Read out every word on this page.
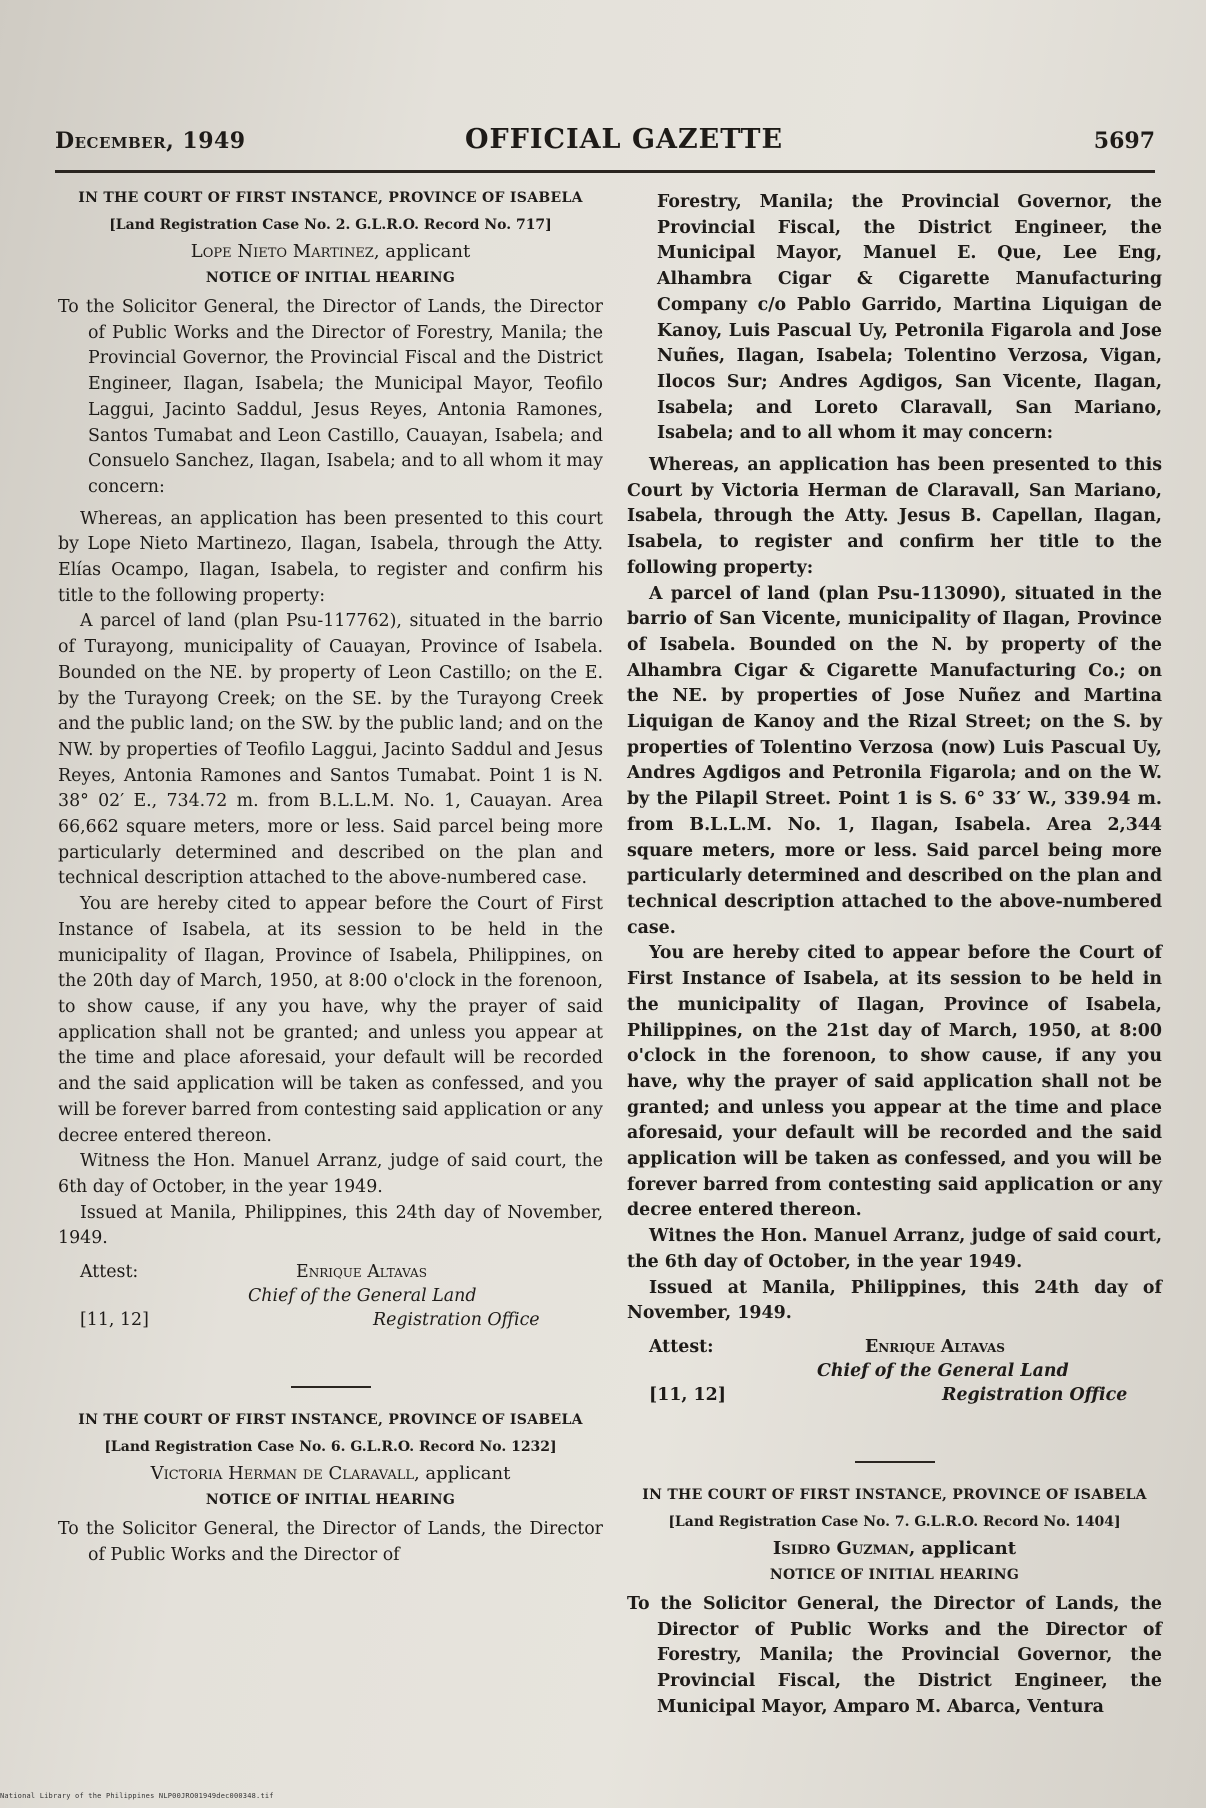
December, 1949	OFFICIAL GAZETTE	5697
IN THE COURT OF FIRST INSTANCE, PROVINCE OF ISABELA
[Land Registration Case No. 2. G.L.R.O. Record No. 717]
Lope Nieto Martinez, applicant
NOTICE OF INITIAL HEARING

To the Solicitor General, the Director of Lands, the Director of Public Works and the Director of Forestry, Manila; the Provincial Governor, the Provincial Fiscal and the District Engineer, Ilagan, Isabela; the Municipal Mayor, Teofilo Laggui, Jacinto Saddul, Jesus Reyes, Antonia Ramones, Santos Tumabat and Leon Castillo, Cauayan, Isabela; and Consuelo Sanchez, Ilagan, Isabela; and to all whom it may concern:

Whereas, an application has been presented to this court by Lope Nieto Martinezo, Ilagan, Isabela, through the Atty. Elías Ocampo, Ilagan, Isabela, to register and confirm his title to the following property:

A parcel of land (plan Psu-117762), situated in the barrio of Turayong, municipality of Cauayan, Province of Isabela. Bounded on the NE. by property of Leon Castillo; on the E. by the Turayong Creek; on the SE. by the Turayong Creek and the public land; on the SW. by the public land; and on the NW. by properties of Teofilo Laggui, Jacinto Saddul and Jesus Reyes, Antonia Ramones and Santos Tumabat. Point 1 is N. 38° 02′ E., 734.72 m. from B.L.L.M. No. 1, Cauayan. Area 66,662 square meters, more or less. Said parcel being more particularly determined and described on the plan and technical description attached to the above-numbered case.

You are hereby cited to appear before the Court of First Instance of Isabela, at its session to be held in the municipality of Ilagan, Province of Isabela, Philippines, on the 20th day of March, 1950, at 8:00 o'clock in the forenoon, to show cause, if any you have, why the prayer of said application shall not be granted; and unless you appear at the time and place aforesaid, your default will be recorded and the said application will be taken as confessed, and you will be forever barred from contesting said application or any decree entered thereon.

Witness the Hon. Manuel Arranz, judge of said court, the 6th day of October, in the year 1949.

Issued at Manila, Philippines, this 24th day of November, 1949.

Attest:	Enrique Altavas
Chief of the General Land
[11, 12]	Registration Office
IN THE COURT OF FIRST INSTANCE, PROVINCE OF ISABELA
[Land Registration Case No. 6. G.L.R.O. Record No. 1232]
Victoria Herman de Claravall, applicant
NOTICE OF INITIAL HEARING

To the Solicitor General, the Director of Lands, the Director of Public Works and the Director of

Forestry, Manila; the Provincial Governor, the Provincial Fiscal, the District Engineer, the Municipal Mayor, Manuel E. Que, Lee Eng, Alhambra Cigar & Cigarette Manufacturing Company c/o Pablo Garrido, Martina Liquigan de Kanoy, Luis Pascual Uy, Petronila Figarola and Jose Nuñes, Ilagan, Isabela; Tolentino Verzosa, Vigan, Ilocos Sur; Andres Agdigos, San Vicente, Ilagan, Isabela; and Loreto Claravall, San Mariano, Isabela; and to all whom it may concern:

Whereas, an application has been presented to this Court by Victoria Herman de Claravall, San Mariano, Isabela, through the Atty. Jesus B. Capellan, Ilagan, Isabela, to register and confirm her title to the following property:

A parcel of land (plan Psu-113090), situated in the barrio of San Vicente, municipality of Ilagan, Province of Isabela. Bounded on the N. by property of the Alhambra Cigar & Cigarette Manufacturing Co.; on the NE. by properties of Jose Nuñez and Martina Liquigan de Kanoy and the Rizal Street; on the S. by properties of Tolentino Verzosa (now) Luis Pascual Uy, Andres Agdigos and Petronila Figarola; and on the W. by the Pilapil Street. Point 1 is S. 6° 33′ W., 339.94 m. from B.L.L.M. No. 1, Ilagan, Isabela. Area 2,344 square meters, more or less. Said parcel being more particularly determined and described on the plan and technical description attached to the above-numbered case.

You are hereby cited to appear before the Court of First Instance of Isabela, at its session to be held in the municipality of Ilagan, Province of Isabela, Philippines, on the 21st day of March, 1950, at 8:00 o'clock in the forenoon, to show cause, if any you have, why the prayer of said application shall not be granted; and unless you appear at the time and place aforesaid, your default will be recorded and the said application will be taken as confessed, and you will be forever barred from contesting said application or any decree entered thereon.

Witnes the Hon. Manuel Arranz, judge of said court, the 6th day of October, in the year 1949.

Issued at Manila, Philippines, this 24th day of November, 1949.

Attest:	Enrique Altavas
Chief of the General Land
[11, 12]	Registration Office
IN THE COURT OF FIRST INSTANCE, PROVINCE OF ISABELA
[Land Registration Case No. 7. G.L.R.O. Record No. 1404]
Isidro Guzman, applicant
NOTICE OF INITIAL HEARING

To the Solicitor General, the Director of Lands, the Director of Public Works and the Director of Forestry, Manila; the Provincial Governor, the Provincial Fiscal, the District Engineer, the Municipal Mayor, Amparo M. Abarca, Ventura

National Library of the Philippines NLP00JRO01949dec000348.tif
